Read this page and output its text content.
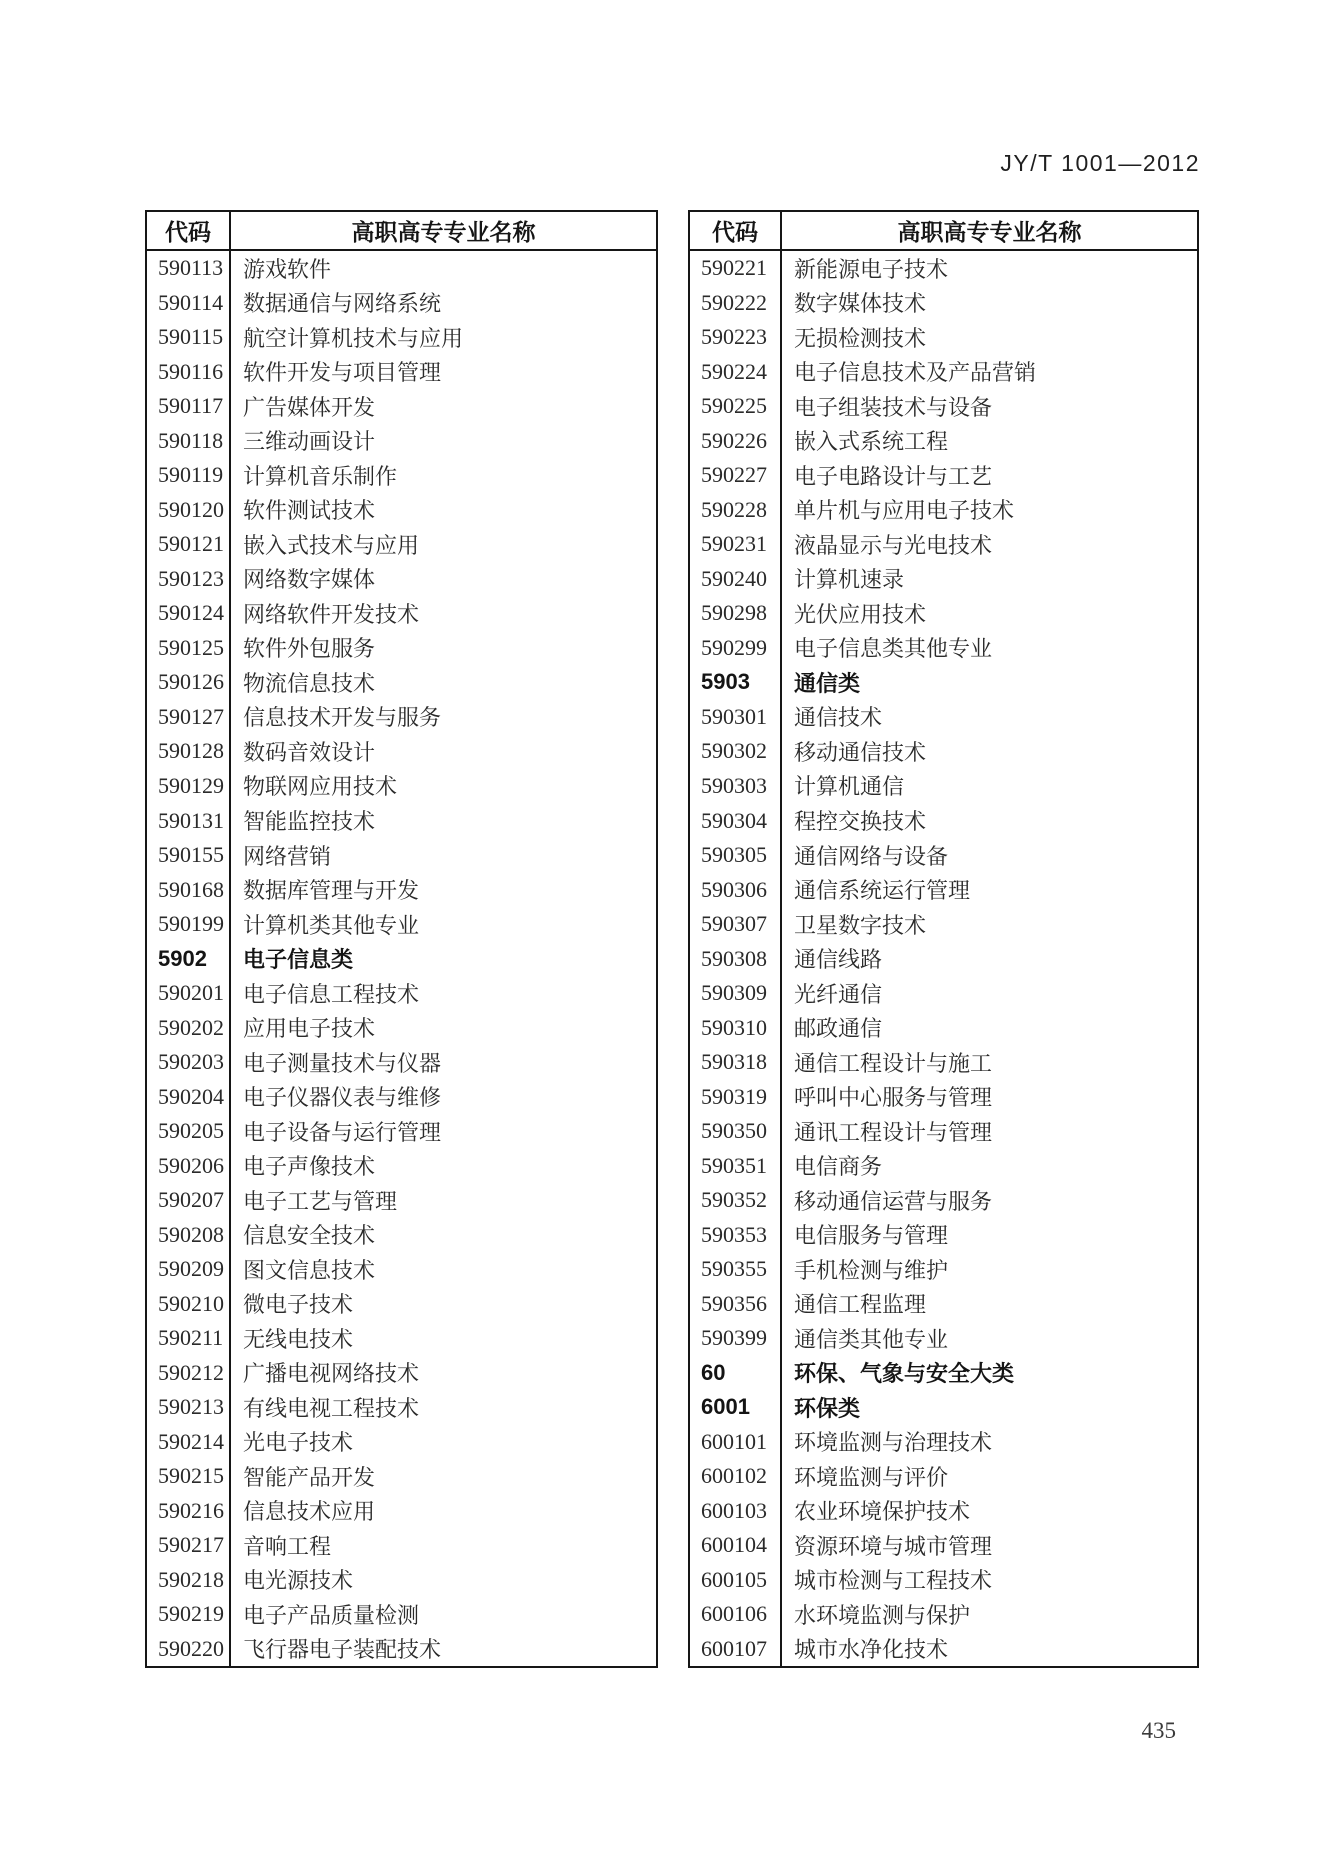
JY/T 1001—2012
代码	高职高专专业名称
590113 游戏软件
590114 数据通信与网络系统
590115 航空计算机技术与应用
590116 软件开发与项目管理
590117 广告媒体开发
590118 三维动画设计
590119 计算机音乐制作
590120 软件测试技术
590121 嵌入式技术与应用
590123 网络数字媒体
590124 网络软件开发技术
590125 软件外包服务
590126 物流信息技术
590127 信息技术开发与服务
590128 数码音效设计
590129 物联网应用技术
590131 智能监控技术
590155 网络营销
590168 数据库管理与开发
590199 计算机类其他专业
5902	电子信息类
590201 电子信息工程技术
590202 应用电子技术
590203 电子测量技术与仪器
590204 电子仪器仪表与维修
590205 电子设备与运行管理
590206 电子声像技术
590207 电子工艺与管理
590208 信息安全技术
590209 图文信息技术
590210 微电子技术
590211 无线电技术
590212 广播电视网络技术
590213 有线电视工程技术
590214 光电子技术
590215 智能产品开发
590216 信息技术应用
590217 音响工程
590218 电光源技术
590219 电子产品质量检测
590220 飞行器电子装配技术
代码	高职高专专业名称
590221	新能源电子技术
590222	数字媒体技术
590223	无损检测技术
590224	电子信息技术及产品营销
590225	电子组装技术与设备
590226	嵌入式系统工程
590227	电子电路设计与工艺
590228	单片机与应用电子技术
590231	液晶显示与光电技术
590240	计算机速录
590298	光伏应用技术
590299	电子信息类其他专业
5903	通信类
590301	通信技术
590302	移动通信技术
590303	计算机通信
590304	程控交换技术
590305	通信网络与设备
590306	通信系统运行管理
590307	卫星数字技术
590308	通信线路
590309	光纤通信
590310	邮政通信
590318	通信工程设计与施工
590319	呼叫中心服务与管理
590350	通讯工程设计与管理
590351	电信商务
590352	移动通信运营与服务
590353	电信服务与管理
590355	手机检测与维护
590356	通信工程监理
590399	通信类其他专业
60	环保、气象与安全大类
6001	环保类
600101	环境监测与治理技术
600102	环境监测与评价
600103	农业环境保护技术
600104	资源环境与城市管理
600105	城市检测与工程技术
600106	水环境监测与保护
600107	城市水净化技术
435
